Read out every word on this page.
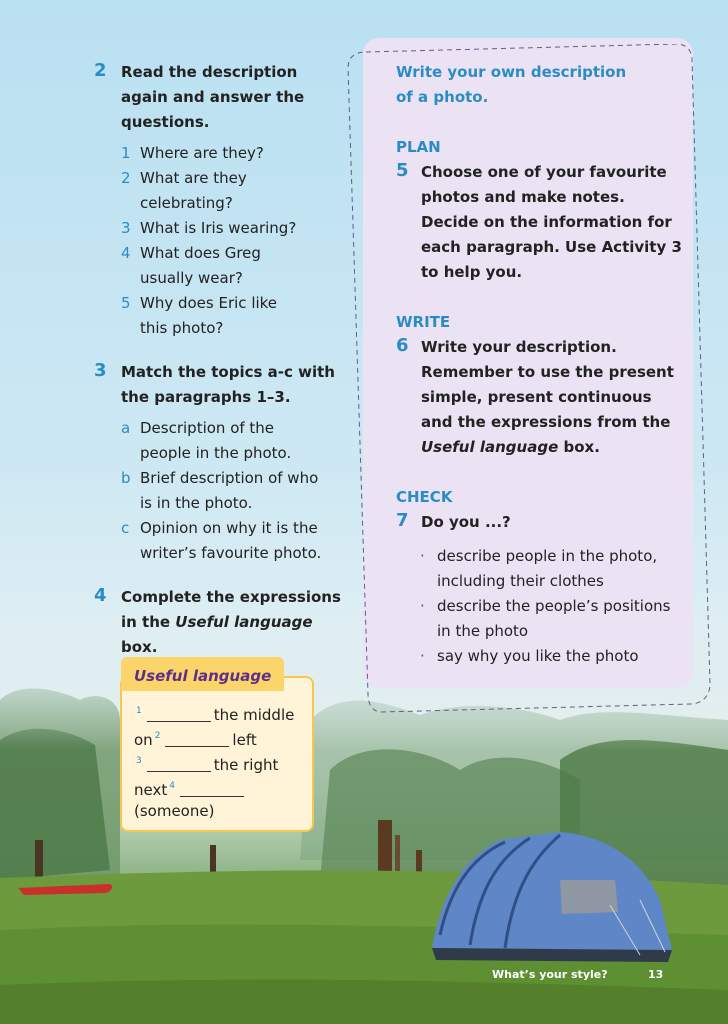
2 Read the description
again and answer the
questions.
1 Where are they?
2 What are they
celebrating?
3 What is Iris wearing?
4 What does Greg
usually wear?
5 Why does Eric like
this photo?
3 Match the topics a-c with
the paragraphs 1–3.
a Description of the
people in the photo.
b Brief description of who
is in the photo.
c Opinion on why it is the
writer’s favourite photo.
4 Complete the expressions
in the Useful language box.
Useful language
$^1$	the middle
on $^2$	left
$^3$	the right
next $^4$
(someone)
Write your own description
of a photo.
PLAN
5 Choose one of your favourite
photos and make notes.
Decide on the information for
each paragraph. Use Activity 3
to help you.
WRITE
6 Write your description.
Remember to use the present
simple, present continuous
and the expressions from the
Useful language box.
CHECK
7 Do you ...?
· describe people in the photo,
including their clothes
· describe the people’s positions
in the photo
· say why you like the photo
What’s your style?	13
